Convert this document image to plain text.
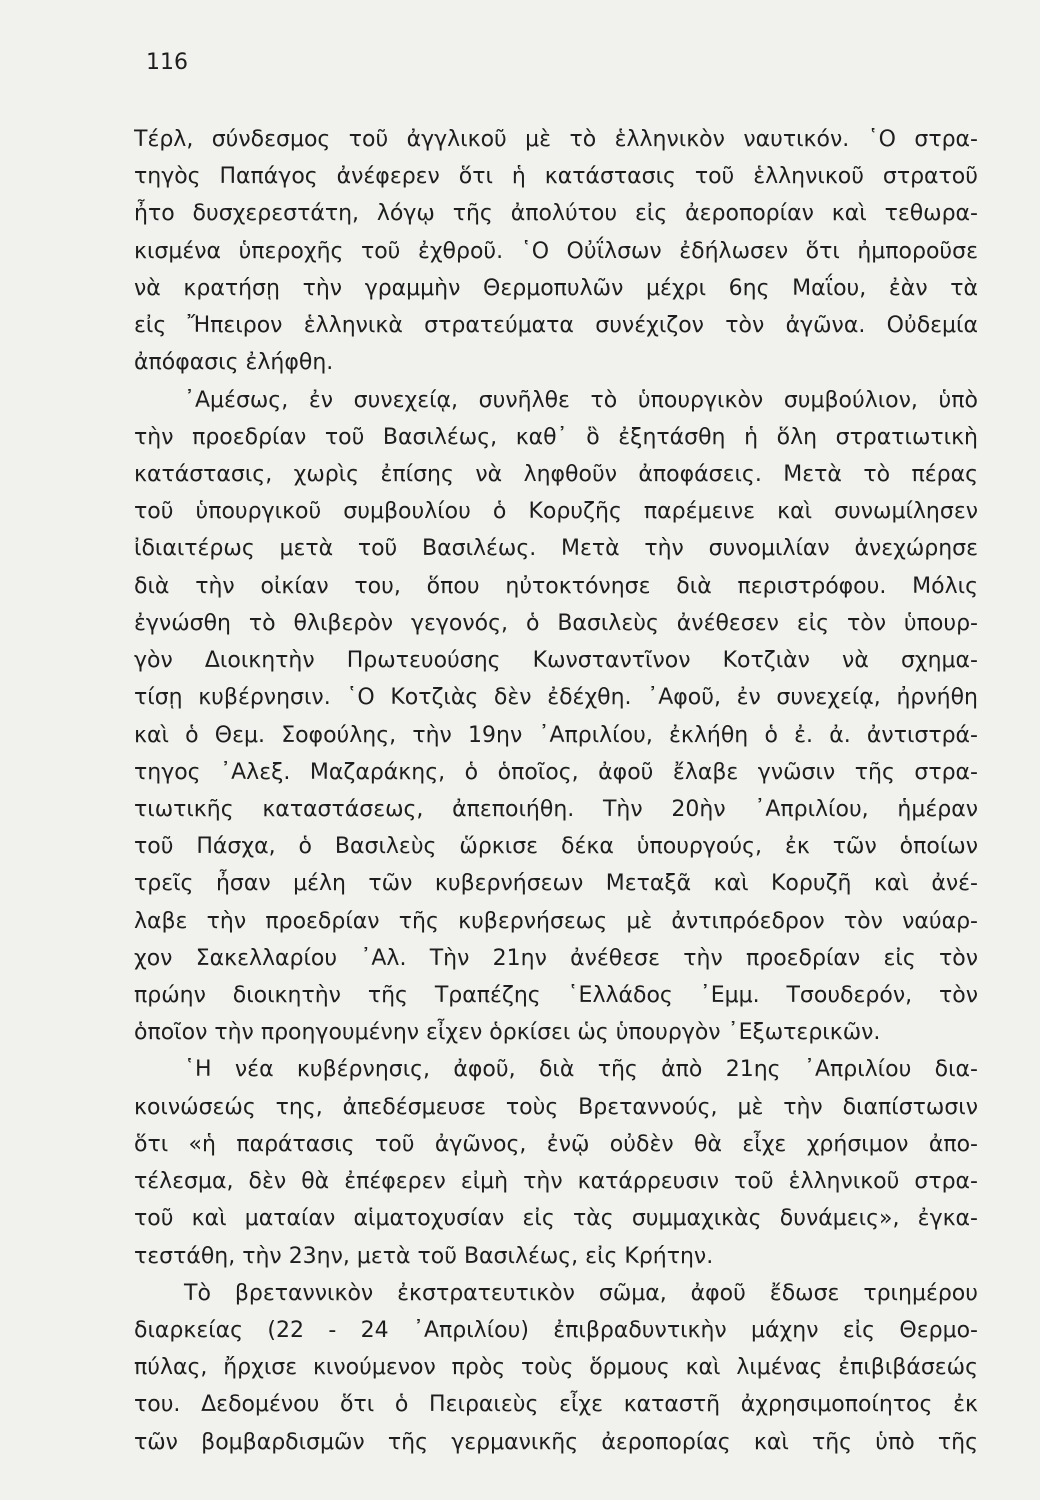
116
Τέρλ, σύνδεσμος τοῦ ἀγγλικοῦ μὲ τὸ ἑλληνικὸν ναυτικόν. ῾Ο στρα-
τηγὸς Παπάγος ἀνέφερεν ὅτι ἡ κατάστασις τοῦ ἑλληνικοῦ στρατοῦ
ἦτο δυσχερεστάτη, λόγῳ τῆς ἀπολύτου εἰς ἀεροπορίαν καὶ τεθωρα-
κισμένα ὑπεροχῆς τοῦ ἐχθροῦ. ῾Ο Οὐΐλσων ἐδήλωσεν ὅτι ἠμποροῦσε
νὰ κρατήσῃ τὴν γραμμὴν Θερμοπυλῶν μέχρι 6ης Μαΐου, ἐὰν τὰ
εἰς Ἤπειρον ἑλληνικὰ στρατεύματα συνέχιζον τὸν ἀγῶνα. Οὐδεμία
ἀπόφασις ἐλήφθη.
᾿Αμέσως, ἐν συνεχείᾳ, συνῆλθε τὸ ὑπουργικὸν συμβούλιον, ὑπὸ
τὴν προεδρίαν τοῦ Βασιλέως, καθ᾿ ὃ ἐξητάσθη ἡ ὅλη στρατιωτικὴ
κατάστασις, χωρὶς ἐπίσης νὰ ληφθοῦν ἀποφάσεις. Μετὰ τὸ πέρας
τοῦ ὑπουργικοῦ συμβουλίου ὁ Κορυζῆς παρέμεινε καὶ συνωμίλησεν
ἰδιαιτέρως μετὰ τοῦ Βασιλέως. Μετὰ τὴν συνομιλίαν ἀνεχώρησε
διὰ τὴν οἰκίαν του, ὅπου ηὐτοκτόνησε διὰ περιστρόφου. Μόλις
ἐγνώσθη τὸ θλιβερὸν γεγονός, ὁ Βασιλεὺς ἀνέθεσεν εἰς τὸν ὑπουρ-
γὸν Διοικητὴν Πρωτευούσης Κωνσταντῖνον Κοτζιὰν νὰ σχημα-
τίσῃ κυβέρνησιν. ῾Ο Κοτζιὰς δὲν ἐδέχθη. ᾿Αφοῦ, ἐν συνεχείᾳ, ἠρνήθη
καὶ ὁ Θεμ. Σοφούλης, τὴν 19ην ᾿Απριλίου, ἐκλήθη ὁ ἐ. ἀ. ἀντιστρά-
τηγος ᾿Αλεξ. Μαζαράκης, ὁ ὁποῖος, ἀφοῦ ἔλαβε γνῶσιν τῆς στρα-
τιωτικῆς καταστάσεως, ἀπεποιήθη. Τὴν 20ὴν ᾿Απριλίου, ἡμέραν
τοῦ Πάσχα, ὁ Βασιλεὺς ὥρκισε δέκα ὑπουργούς, ἐκ τῶν ὁποίων
τρεῖς ἦσαν μέλη τῶν κυβερνήσεων Μεταξᾶ καὶ Κορυζῆ καὶ ἀνέ-
λαβε τὴν προεδρίαν τῆς κυβερνήσεως μὲ ἀντιπρόεδρον τὸν ναύαρ-
χον Σακελλαρίου ᾿Αλ. Τὴν 21ην ἀνέθεσε τὴν προεδρίαν εἰς τὸν
πρώην διοικητὴν τῆς Τραπέζης ῾Ελλάδος ᾿Εμμ. Τσουδερόν, τὸν
ὁποῖον τὴν προηγουμένην εἶχεν ὁρκίσει ὡς ὑπουργὸν ᾿Εξωτερικῶν.
῾Η νέα κυβέρνησις, ἀφοῦ, διὰ τῆς ἀπὸ 21ης ᾿Απριλίου δια-
κοινώσεώς της, ἀπεδέσμευσε τοὺς Βρεταννούς, μὲ τὴν διαπίστωσιν
ὅτι «ἡ παράτασις τοῦ ἀγῶνος, ἐνῷ οὐδὲν θὰ εἶχε χρήσιμον ἀπο-
τέλεσμα, δὲν θὰ ἐπέφερεν εἰμὴ τὴν κατάρρευσιν τοῦ ἑλληνικοῦ στρα-
τοῦ καὶ ματαίαν αἱματοχυσίαν εἰς τὰς συμμαχικὰς δυνάμεις», ἐγκα-
τεστάθη, τὴν 23ην, μετὰ τοῦ Βασιλέως, εἰς Κρήτην.
Τὸ βρεταννικὸν ἐκστρατευτικὸν σῶμα, ἀφοῦ ἔδωσε τριημέρου
διαρκείας (22 - 24 ᾿Απριλίου) ἐπιβραδυντικὴν μάχην εἰς Θερμο-
πύλας, ἤρχισε κινούμενον πρὸς τοὺς ὅρμους καὶ λιμένας ἐπιβιβάσεώς
του. Δεδομένου ὅτι ὁ Πειραιεὺς εἶχε καταστῆ ἀχρησιμοποίητος ἐκ
τῶν βομβαρδισμῶν τῆς γερμανικῆς ἀεροπορίας καὶ τῆς ὑπὸ τῆς
